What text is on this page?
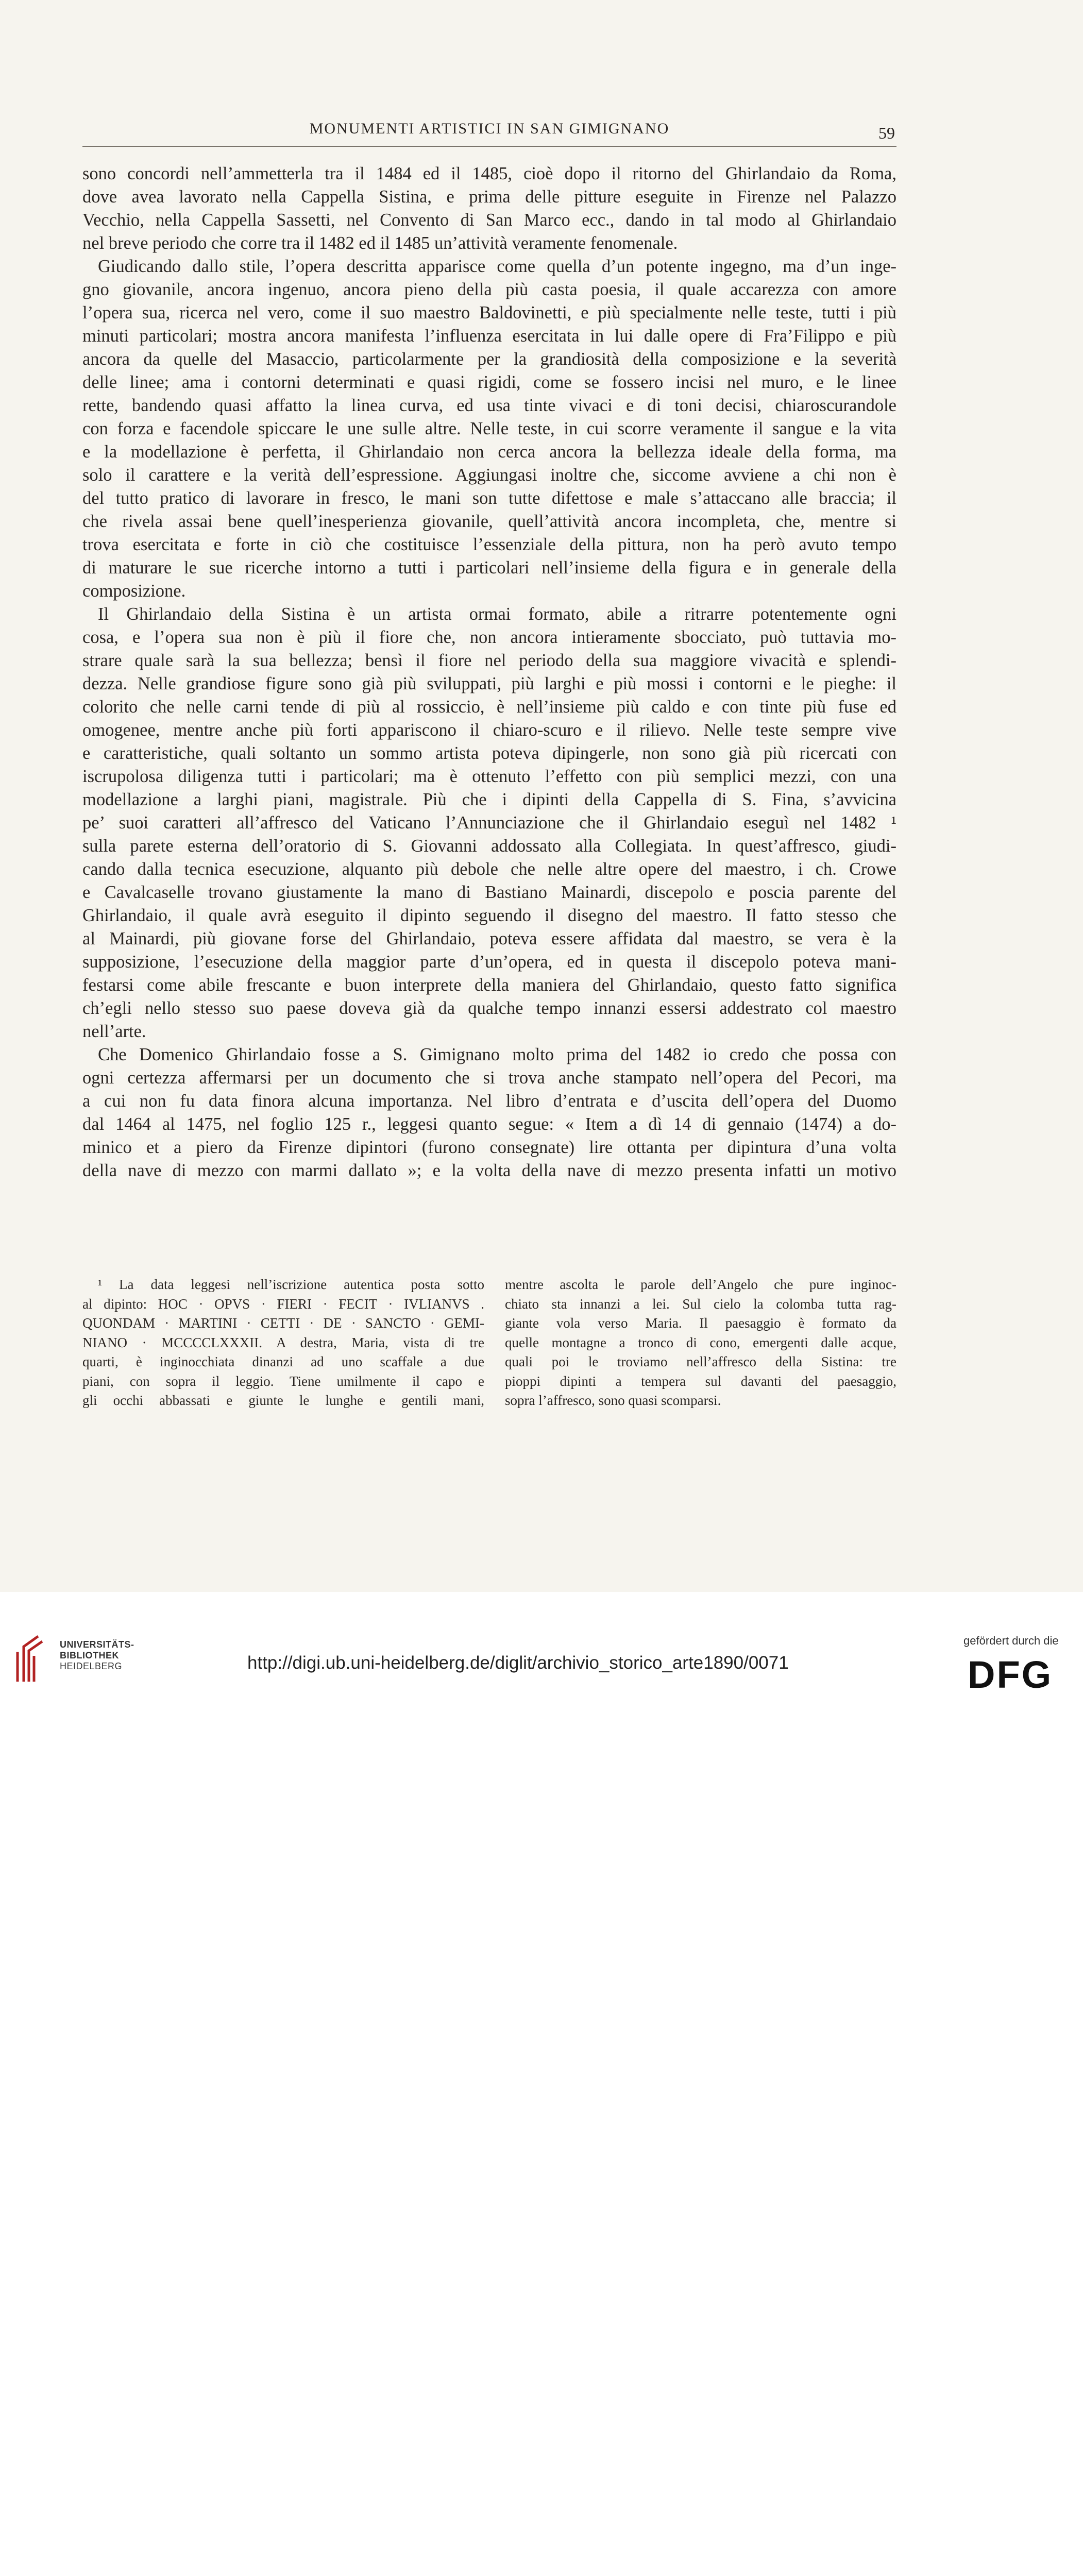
MONUMENTI ARTISTICI IN SAN GIMIGNANO	59
sono concordi nell’ammetterla tra il 1484 ed il 1485, cioè dopo il ritorno del Ghirlandaio da Roma,
dove avea lavorato nella Cappella Sistina, e prima delle pitture eseguite in Firenze nel Palazzo
Vecchio, nella Cappella Sassetti, nel Convento di San Marco ecc., dando in tal modo al Ghirlandaio
nel breve periodo che corre tra il 1482 ed il 1485 un’attività veramente fenomenale.
Giudicando dallo stile, l’opera descritta apparisce come quella d’un potente ingegno, ma d’un inge-
gno giovanile, ancora ingenuo, ancora pieno della più casta poesia, il quale accarezza con amore
l’opera sua, ricerca nel vero, come il suo maestro Baldovinetti, e più specialmente nelle teste, tutti i più
minuti particolari; mostra ancora manifesta l’influenza esercitata in lui dalle opere di Fra’Filippo e più
ancora da quelle del Masaccio, particolarmente per la grandiosità della composizione e la severità
delle linee; ama i contorni determinati e quasi rigidi, come se fossero incisi nel muro, e le linee
rette, bandendo quasi affatto la linea curva, ed usa tinte vivaci e di toni decisi, chiaroscurandole
con forza e facendole spiccare le une sulle altre. Nelle teste, in cui scorre veramente il sangue e la vita
e la modellazione è perfetta, il Ghirlandaio non cerca ancora la bellezza ideale della forma, ma
solo il carattere e la verità dell’espressione. Aggiungasi inoltre che, siccome avviene a chi non è
del tutto pratico di lavorare in fresco, le mani son tutte difettose e male s’attaccano alle braccia; il
che rivela assai bene quell’inesperienza giovanile, quell’attività ancora incompleta, che, mentre si
trova esercitata e forte in ciò che costituisce l’essenziale della pittura, non ha però avuto tempo
di maturare le sue ricerche intorno a tutti i particolari nell’insieme della figura e in generale della
composizione.
Il Ghirlandaio della Sistina è un artista ormai formato, abile a ritrarre potentemente ogni
cosa, e l’opera sua non è più il fiore che, non ancora intieramente sbocciato, può tuttavia mo-
strare quale sarà la sua bellezza; bensì il fiore nel periodo della sua maggiore vivacità e splendi-
dezza. Nelle grandiose figure sono già più sviluppati, più larghi e più mossi i contorni e le pieghe: il
colorito che nelle carni tende di più al rossiccio, è nell’insieme più caldo e con tinte più fuse ed
omogenee, mentre anche più forti appariscono il chiaro-scuro e il rilievo. Nelle teste sempre vive
e caratteristiche, quali soltanto un sommo artista poteva dipingerle, non sono già più ricercati con
iscrupolosa diligenza tutti i particolari; ma è ottenuto l’effetto con più semplici mezzi, con una
modellazione a larghi piani, magistrale. Più che i dipinti della Cappella di S. Fina, s’avvicina
pe’ suoi caratteri all’affresco del Vaticano l’Annunciazione che il Ghirlandaio eseguì nel 1482 ¹
sulla parete esterna dell’oratorio di S. Giovanni addossato alla Collegiata. In quest’affresco, giudi-
cando dalla tecnica esecuzione, alquanto più debole che nelle altre opere del maestro, i ch. Crowe
e Cavalcaselle trovano giustamente la mano di Bastiano Mainardi, discepolo e poscia parente del
Ghirlandaio, il quale avrà eseguito il dipinto seguendo il disegno del maestro. Il fatto stesso che
al Mainardi, più giovane forse del Ghirlandaio, poteva essere affidata dal maestro, se vera è la
supposizione, l’esecuzione della maggior parte d’un’opera, ed in questa il discepolo poteva mani-
festarsi come abile frescante e buon interprete della maniera del Ghirlandaio, questo fatto significa
ch’egli nello stesso suo paese doveva già da qualche tempo innanzi essersi addestrato col maestro
nell’arte.
Che Domenico Ghirlandaio fosse a S. Gimignano molto prima del 1482 io credo che possa con
ogni certezza affermarsi per un documento che si trova anche stampato nell’opera del Pecori, ma
a cui non fu data finora alcuna importanza. Nel libro d’entrata e d’uscita dell’opera del Duomo
dal 1464 al 1475, nel foglio 125 r., leggesi quanto segue: « Item a dì 14 di gennaio (1474) a do-
minico et a piero da Firenze dipintori (furono consegnate) lire ottanta per dipintura d’una volta
della nave di mezzo con marmi dallato »; e la volta della nave di mezzo presenta infatti un motivo
¹ La data leggesi nell’iscrizione autentica posta sotto
al dipinto: HOC · OPVS · FIERI · FECIT · IVLIANVS .
QUONDAM · MARTINI · CETTI · DE · SANCTO · GEMI-
NIANO · MCCCCLXXXII. A destra, Maria, vista di tre
quarti, è inginocchiata dinanzi ad uno scaffale a due
piani, con sopra il leggio. Tiene umilmente il capo e
gli occhi abbassati e giunte le lunghe e gentili mani,
mentre ascolta le parole dell’Angelo che pure inginoc-
chiato sta innanzi a lei. Sul cielo la colomba tutta rag-
giante vola verso Maria. Il paesaggio è formato da
quelle montagne a tronco di cono, emergenti dalle acque,
quali poi le troviamo nell’affresco della Sistina: tre
pioppi dipinti a tempera sul davanti del paesaggio,
sopra l’affresco, sono quasi scomparsi.
UNIVERSITÄTS-
BIBLIOTHEK
HEIDELBERG	http://digi.ub.uni-heidelberg.de/diglit/archivio_storico_arte1890/0071
gefördert durch die
DFG
